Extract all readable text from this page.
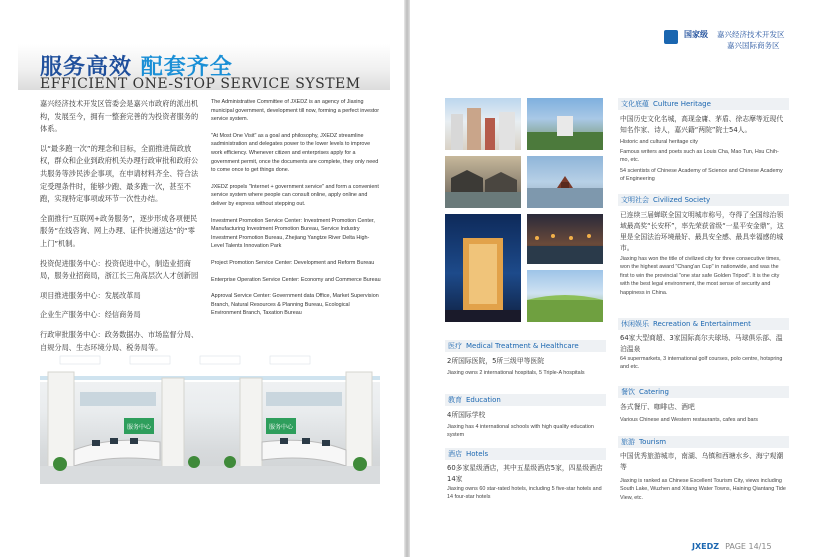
服务高效 配套齐全
EFFICIENT ONE-STOP SERVICE SYSTEM

嘉兴经济技术开发区管委会是嘉兴市政府的派出机构，发展至今，拥有一整套完善的为投资者服务的体系。

以“最多跑一次”的理念和目标，全面推进简政放权，群众和企业到政府机关办理行政审批和政府公共服务等涉民涉企事项，在申请材料齐全、符合法定受理条件时，能够少跑、最多跑一次，甚至不跑，实现特定事项或环节一次性办结。

全面推行“互联网+政务服务”，逐步形成各项便民服务“在线咨询、网上办理、证件快递送达”的“零上门”机制。

投资促进服务中心：投资促进中心，制造业招商局，服务业招商局，浙江长三角高层次人才创新园

项目推进服务中心：发展改革局

企业生产服务中心：经信商务局

行政审批服务中心：政务数据办、市场监督分局、自规分局、生态环境分局、税务局等。

The Administrative Committee of JXEDZ is an agency of Jiaxing municipal government, development till now, forming a perfect investor service system.

"At Most One Visit" as a goal and philosophy, JXEDZ streamline sadministration and delegates power to the lower levels to improve work efficiency. Whenever citizen and enterprises apply for a government permit, once the documents are complete, they only need to come once to get things done.

JXEDZ propels "Internet + government service" and form a convenient service system where people can consult online, apply online and deliver by express without stepping out.

Investment Promotion Service Center: Investment Promotion Center, Manufacturing Investment Promotion Bureau, Service Industry Investment Promotion Bureau, Zhejiang Yangtze River Delta High-Level Talents Innovation Park

Project Promotion Service Center: Development and Reform Bureau

Enterprise Operation Service Center: Economy and Commerce Bureau

Approval Service Center: Government data Office, Market Supervision Branch, Natural Resources & Planning Bureau, Ecological Environment Branch, Taxation Bureau

服务中心	服务中心
国家级 嘉兴经济技术开发区
嘉兴国际商务区
文化底蕴 Culture Heritage
中国历史文化名城，高现金庸、茅盾、徐志摩等近现代知名作家、诗人，嘉兴籍“两院”院士54人。
Historic and cultural heritage city
Famous writers and poets such as Louis Cha, Mao Tun, Hsu Chih-mo, etc.
54 scientists of Chinese Academy of Science and Chinese Academy of Engineering
文明社会 Civilized Society
已连续三届蝉联全国文明城市称号，夺得了全国综治领域最高奖“长安杯”，率先荣获省级“一星平安金鼎”，这里是全国法治环境最好、最具安全感、最具幸福感的城市。
Jiaxing has won the title of civilized city for three consecutive times, won the highest award "Chang'an Cup" in nationwide, and was the first to win the provincial "one star safe Golden Tripod". It is the city with the best legal environment, the most sense of security and happiness in China.
休闲娱乐 Recreation & Entertainment
64家大型商超、3家国际高尔夫球场、马球俱乐部、温泊温泉
64 supermarkets, 3 international golf courses, polo centre, hotspring and etc.
餐饮 Catering
各式餐厅、咖啡店、酒吧
Various Chinese and Western restaurants, cafes and bars
旅游 Tourism
中国优秀旅游城市，南湖、乌镇和西塘水乡、海宁观潮等
Jiaxing is ranked as Chinese Excellent Tourism City, views including South Lake, Wuzhen and Xitang Water Towns, Haining Qiantang Tide View, etc.
医疗 Medical Treatment & Healthcare
2所国际医院，5所三级甲等医院
Jiaxing owns 2 international hospitals, 5 Triple-A hospitals
教育 Education
4所国际学校
Jiaxing has 4 international schools with high quality education system
酒店 Hotels
60多家星级酒店，其中五星级酒店5家，四星级酒店14家
Jiaxing owns 60 star-rated hotels, including 5 five-star hotels and 14 four-star hotels
JXEDZ PAGE 14/15
